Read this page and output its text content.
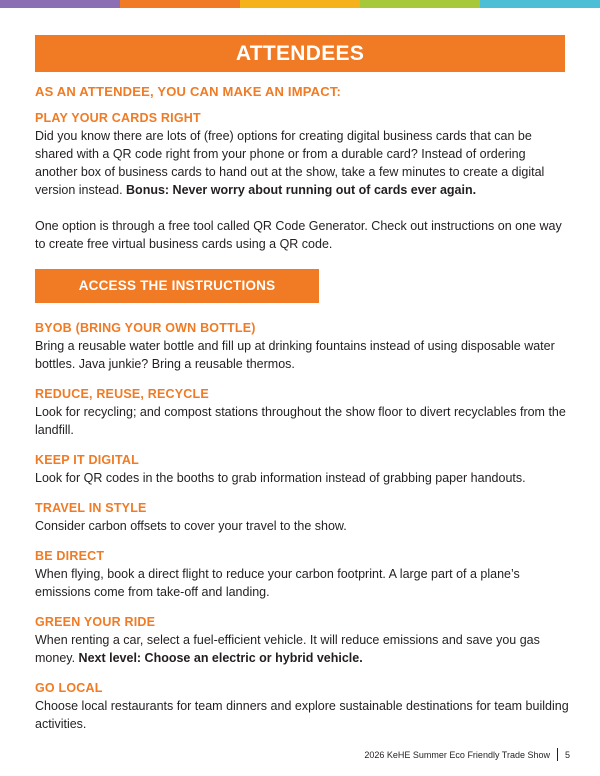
ATTENDEES
AS AN ATTENDEE, YOU CAN MAKE AN IMPACT:
PLAY YOUR CARDS RIGHT

Did you know there are lots of (free) options for creating digital business cards that can be shared with a QR code right from your phone or from a durable card? Instead of ordering another box of business cards to hand out at the show, take a few minutes to create a digital version instead. Bonus: Never worry about running out of cards ever again.

One option is through a free tool called QR Code Generator. Check out instructions on one way to create free virtual business cards using a QR code.

ACCESS THE INSTRUCTIONS
BYOB (BRING YOUR OWN BOTTLE)

Bring a reusable water bottle and fill up at drinking fountains instead of using disposable water bottles. Java junkie? Bring a reusable thermos.

REDUCE, REUSE, RECYCLE

Look for recycling; and compost stations throughout the show floor to divert recyclables from the landfill.

KEEP IT DIGITAL

Look for QR codes in the booths to grab information instead of grabbing paper handouts.

TRAVEL IN STYLE

Consider carbon offsets to cover your travel to the show.

BE DIRECT

When flying, book a direct flight to reduce your carbon footprint. A large part of a plane’s emissions come from take-off and landing.

GREEN YOUR RIDE

When renting a car, select a fuel-efficient vehicle. It will reduce emissions and save you gas money. Next level: Choose an electric or hybrid vehicle.

GO LOCAL

Choose local restaurants for team dinners and explore sustainable destinations for team building activities.

2026 KeHE Summer Eco Friendly Trade Show 5
